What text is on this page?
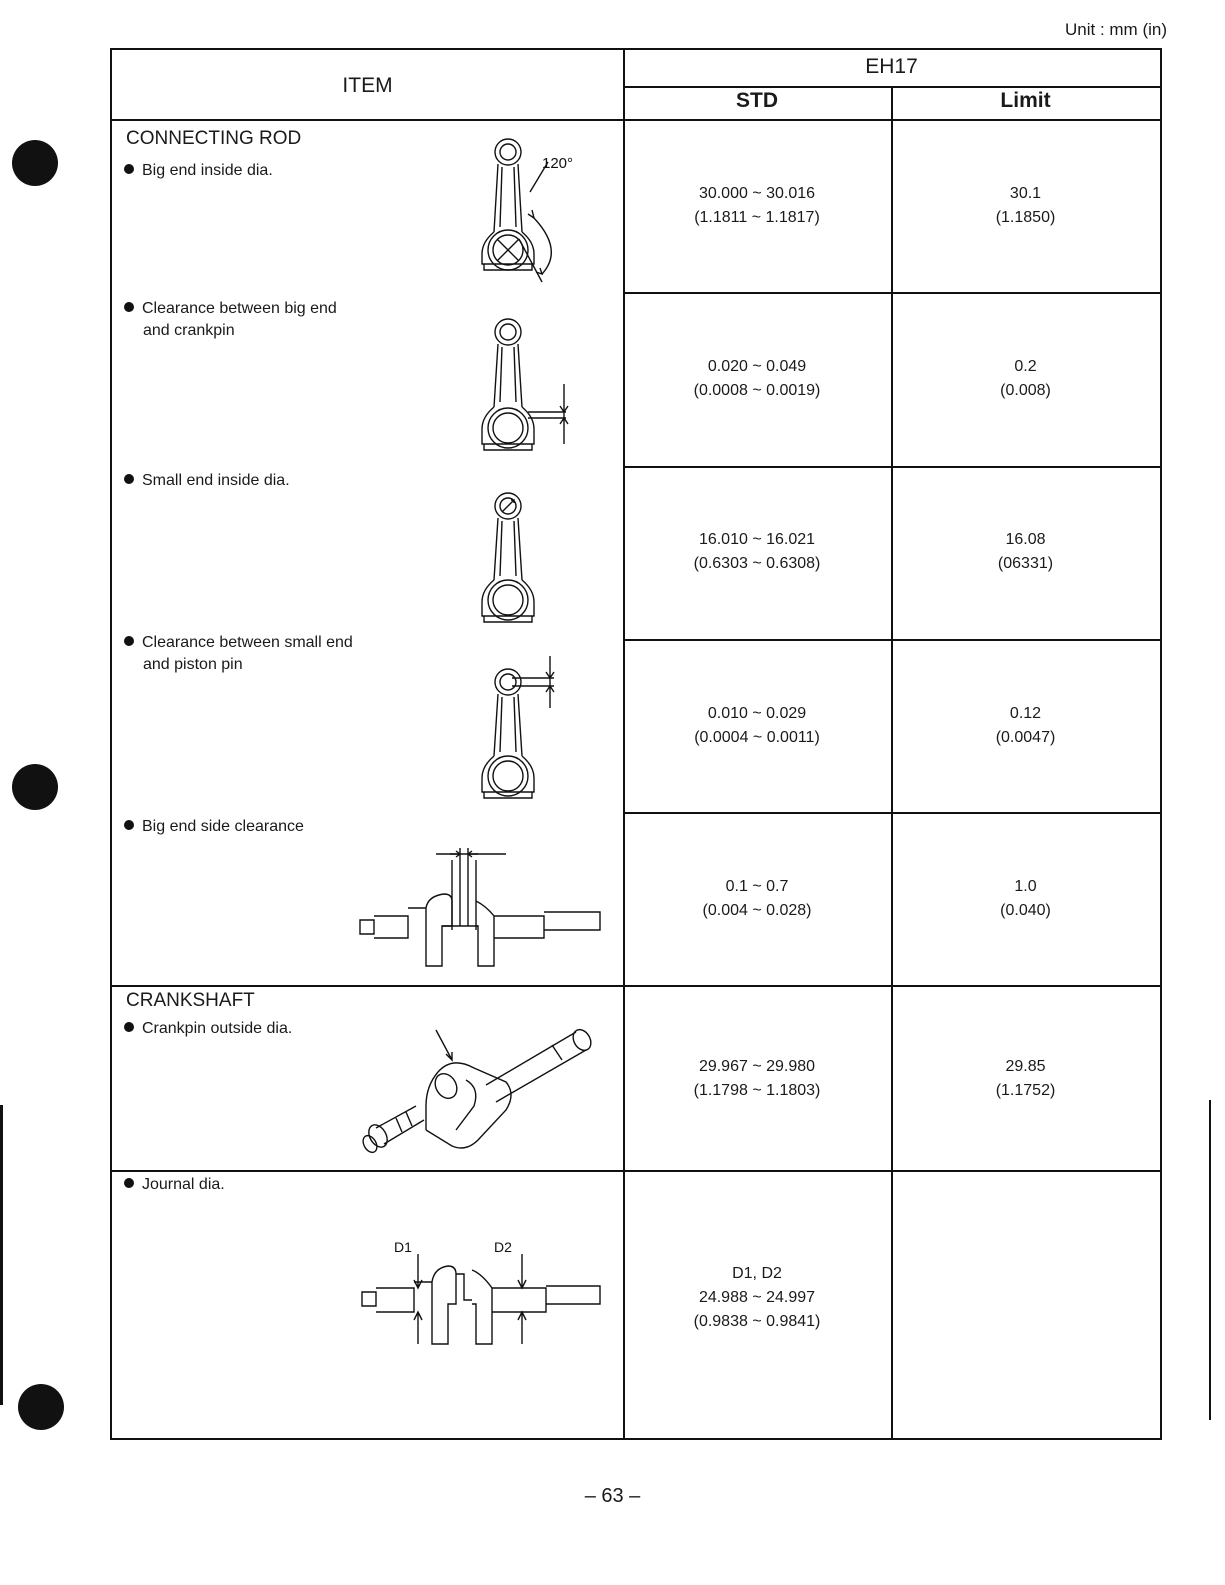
Unit : mm (in)
ITEM
EH17
STD	Limit
CONNECTING ROD
CRANKSHAFT
Big end inside dia.
Clearance between big end
and crankpin
Small end inside dia.
Clearance between small end
and piston pin
Big end side clearance
Crankpin outside dia.
Journal dia.
30.000 ~ 30.016
(1.1811 ~ 1.1817)
0.020 ~ 0.049
(0.0008 ~ 0.0019)
16.010 ~ 16.021
(0.6303 ~ 0.6308)
0.010 ~ 0.029
(0.0004 ~ 0.0011)
0.1 ~ 0.7
(0.004 ~ 0.028)
29.967 ~ 29.980
(1.1798 ~ 1.1803)
D1, D2
24.988 ~ 24.997
(0.9838 ~ 0.9841)
30.1
(1.1850)
0.2
(0.008)
16.08
(06331)
0.12
(0.0047)
1.0
(0.040)
29.85
(1.1752)
120°
D1	D2
– 63 –
